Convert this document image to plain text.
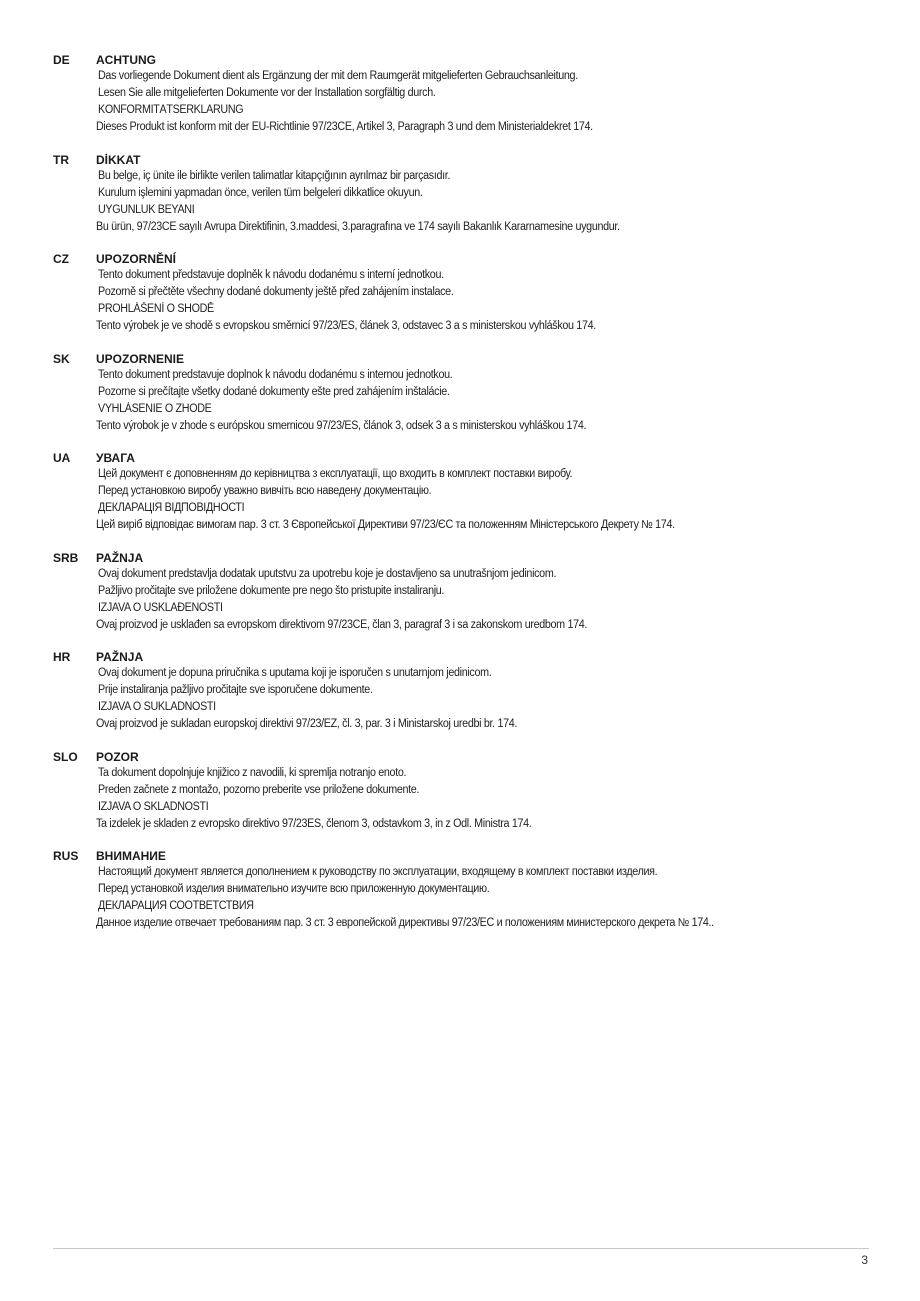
DE ACHTUNG
Das vorliegende Dokument dient als Ergänzung der mit dem Raumgerät mitgelieferten Gebrauchsanleitung.
Lesen Sie alle mitgelieferten Dokumente vor der Installation sorgfältig durch.
KONFORMITÄTSERKLÄRUNG
Dieses Produkt ist konform mit der EU-Richtlinie 97/23CE, Artikel 3, Paragraph 3 und dem Ministerialdekret 174.
TR DİKKAT
Bu belge, iç ünite ile birlikte verilen talimatlar kitapçığının ayrılmaz bir parçasıdır.
Kurulum işlemini yapmadan önce, verilen tüm belgeleri dikkatlice okuyun.
UYGUNLUK BEYANI
Bu ürün, 97/23CE sayılı Avrupa Direktifinin, 3.maddesi, 3.paragrafına ve 174 sayılı Bakanlık Kararnamesine uygundur.
CZ UPOZORNĚNÍ
Tento dokument představuje doplněk k návodu dodanému s interní jednotkou.
Pozorně si přečtěte všechny dodané dokumenty ještě před zahájením instalace.
PROHLÁŠENÍ O SHODĚ
Tento výrobek je ve shodě s evropskou směrnicí 97/23/ES, článek 3, odstavec 3 a s ministerskou vyhláškou 174.
SK UPOZORNENIE
Tento dokument predstavuje doplnok k návodu dodanému s internou jednotkou.
Pozorne si prečítajte všetky dodané dokumenty ešte pred zahájením inštalácie.
VYHLÁSENIE O ZHODE
Tento výrobok je v zhode s európskou smernicou 97/23/ES, článok 3, odsek 3 a s ministerskou vyhláškou 174.
UA УВАГА
Цей документ є доповненням до керівництва з експлуатації, що входить в комплект поставки виробу.
Перед установкою виробу уважно вивчіть всю наведену документацію.
ДЕКЛАРАЦІЯ ВІДПОВІДНОСТІ
Цей виріб відповідає вимогам пар. 3 ст. 3 Європейської Директиви 97/23/ЄС та положенням Міністерського Декрету № 174.
SRB PAŽNJA
Ovaj dokument predstavlja dodatak uputstvu za upotrebu koje je dostavljeno sa unutrašnjom jedinicom.
Pažljivo pročitajte sve priložene dokumente pre nego što pristupite instaliranju.
IZJAVA O USKLAĐENOSTI
Ovaj proizvod je usklađen sa evropskom direktivom 97/23CE, član 3, paragraf 3 i sa zakonskom uredbom 174.
HR PAŽNJA
Ovaj dokument je dopuna priručnika s uputama koji je isporučen s unutarnjom jedinicom.
Prije instaliranja pažljivo pročitajte sve isporučene dokumente.
IZJAVA O SUKLADNOSTI
Ovaj proizvod je sukladan europskoj direktivi 97/23/EZ, čl. 3, par. 3 i Ministarskoj uredbi br. 174.
SLO POZOR
Ta dokument dopolnjuje knjižico z navodili, ki spremlja notranjo enoto.
Preden začnete z montažo, pozorno preberite vse priložene dokumente.
IZJAVA O SKLADNOSTI
Ta izdelek je skladen z evropsko direktivo 97/23ES, členom 3, odstavkom 3, in z Odl. Ministra 174.
RUS ВНИМАНИЕ
Настоящий документ является дополнением к руководству по эксплуатации, входящему в комплект поставки изделия.
Перед установкой изделия внимательно изучите всю приложенную документацию.
ДЕКЛАРАЦИЯ СООТВЕТСТВИЯ
Данное изделие отвечает требованиям пар. 3 ст. 3 европейской директивы 97/23/EC и положениям министерского декрета № 174..
3
